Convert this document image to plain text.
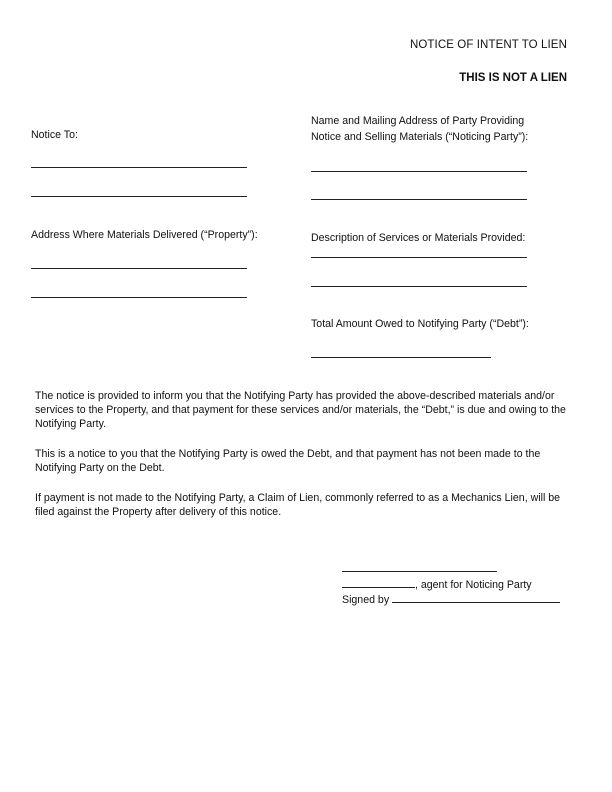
NOTICE OF INTENT TO LIEN
THIS IS NOT A LIEN
Notice To:
Address Where Materials Delivered (“Property”):
Name and Mailing Address of Party Providing
Notice and Selling Materials (“Noticing Party”):
Description of Services or Materials Provided:
Total Amount Owed to Notifying Party (“Debt”):

The notice is provided to inform you that the Notifying Party has provided the above-described materials and/or services to the Property, and that payment for these services and/or materials, the “Debt,” is due and owing to the Notifying Party.

This is a notice to you that the Notifying Party is owed the Debt, and that payment has not been made to the Notifying Party on the Debt.

If payment is not made to the Notifying Party, a Claim of Lien, commonly referred to as a Mechanics Lien, will be filed against the Property after delivery of this notice.

, agent for Noticing Party
Signed by
